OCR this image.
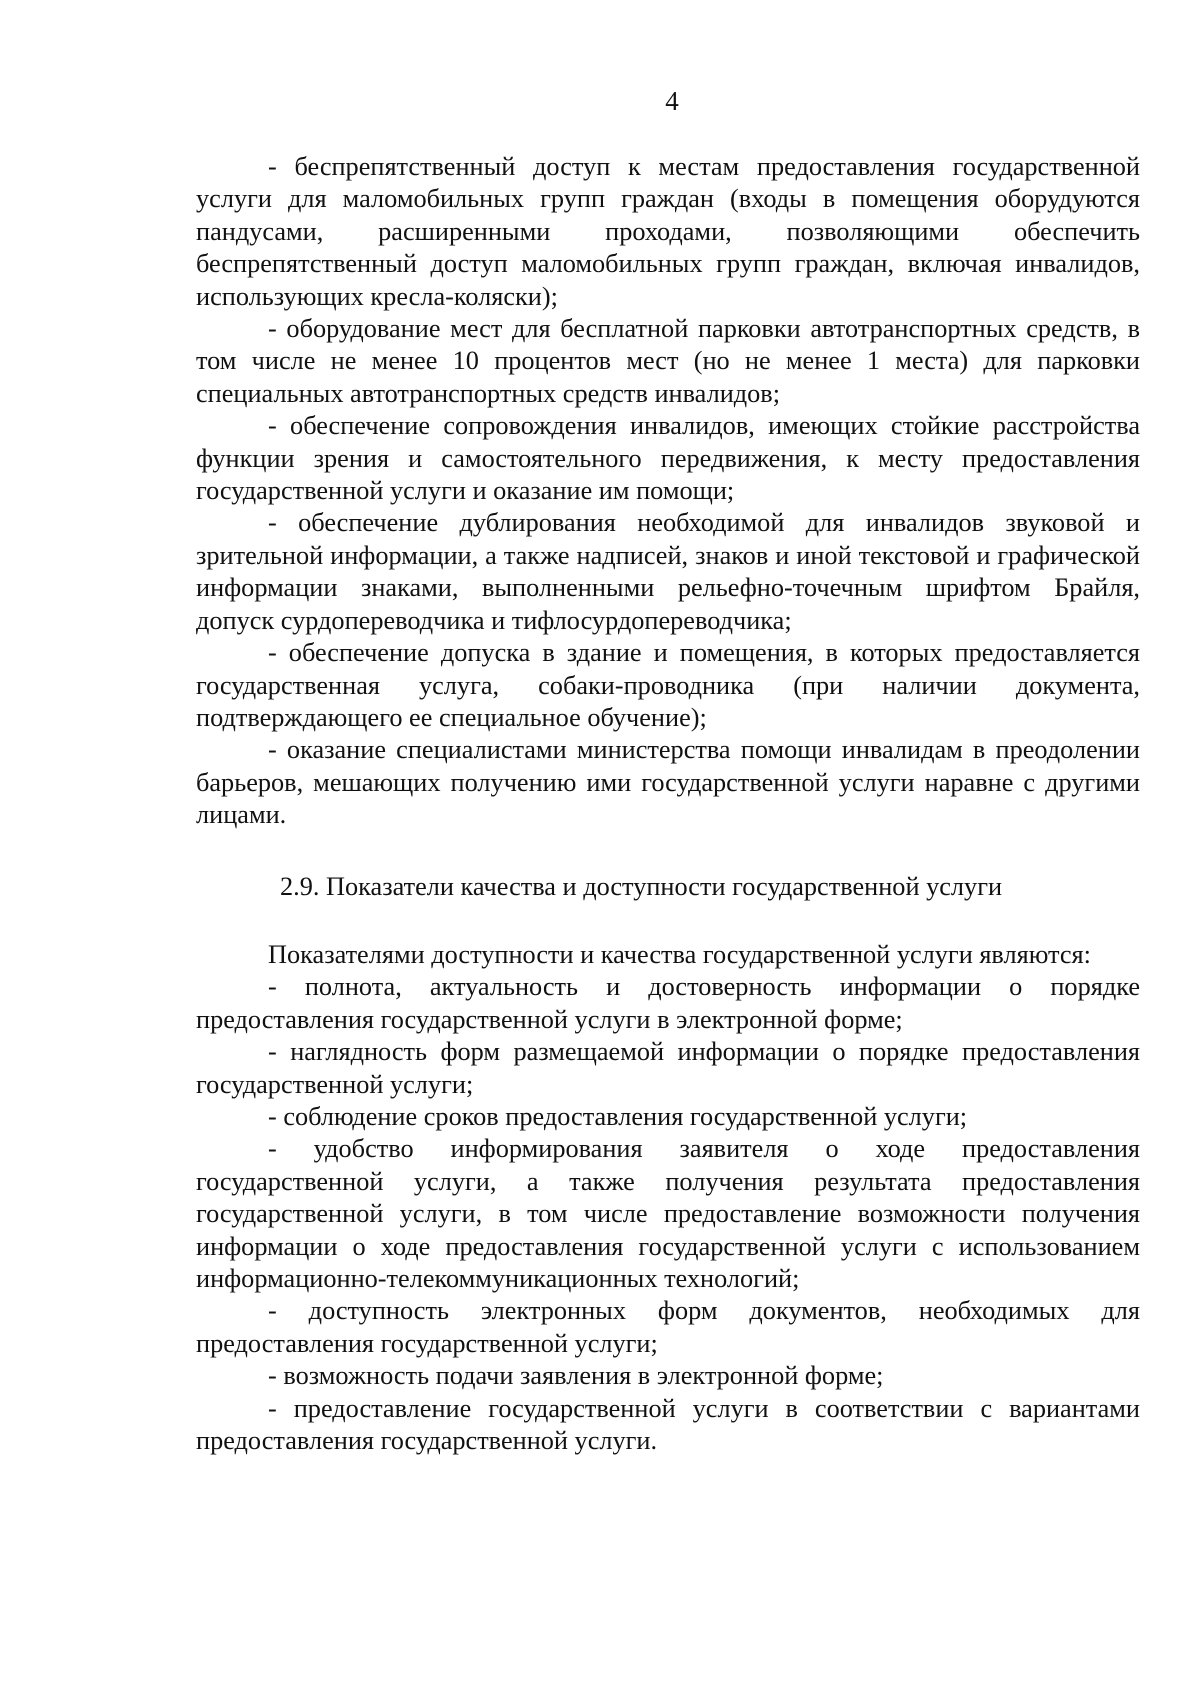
4

- беспрепятственный доступ к местам предоставления государственной услуги для маломобильных групп граждан (входы в помещения оборудуются пандусами, расширенными проходами, позволяющими обеспечить беспрепятственный доступ маломобильных групп граждан, включая инвалидов, использующих кресла-коляски);

- оборудование мест для бесплатной парковки автотранспортных средств, в том числе не менее 10 процентов мест (но не менее 1 места) для парковки специальных автотранспортных средств инвалидов;

- обеспечение сопровождения инвалидов, имеющих стойкие расстройства функции зрения и самостоятельного передвижения, к месту предоставления государственной услуги и оказание им помощи;

- обеспечение дублирования необходимой для инвалидов звуковой и зрительной информации, а также надписей, знаков и иной текстовой и графической информации знаками, выполненными рельефно-точечным шрифтом Брайля, допуск сурдопереводчика и тифлосурдопереводчика;

- обеспечение допуска в здание и помещения, в которых предоставляется государственная услуга, собаки-проводника (при наличии документа, подтверждающего ее специальное обучение);

- оказание специалистами министерства помощи инвалидам в преодолении барьеров, мешающих получению ими государственной услуги наравне с другими лицами.

2.9. Показатели качества и доступности государственной услуги

Показателями доступности и качества государственной услуги являются:

- полнота, актуальность и достоверность информации о порядке предоставления государственной услуги в электронной форме;

- наглядность форм размещаемой информации о порядке предоставления государственной услуги;

- соблюдение сроков предоставления государственной услуги;

- удобство информирования заявителя о ходе предоставления государственной услуги, а также получения результата предоставления государственной услуги, в том числе предоставление возможности получения информации о ходе предоставления государственной услуги с использованием информационно-телекоммуникационных технологий;

- доступность электронных форм документов, необходимых для предоставления государственной услуги;

- возможность подачи заявления в электронной форме;

- предоставление государственной услуги в соответствии с вариантами предоставления государственной услуги.
